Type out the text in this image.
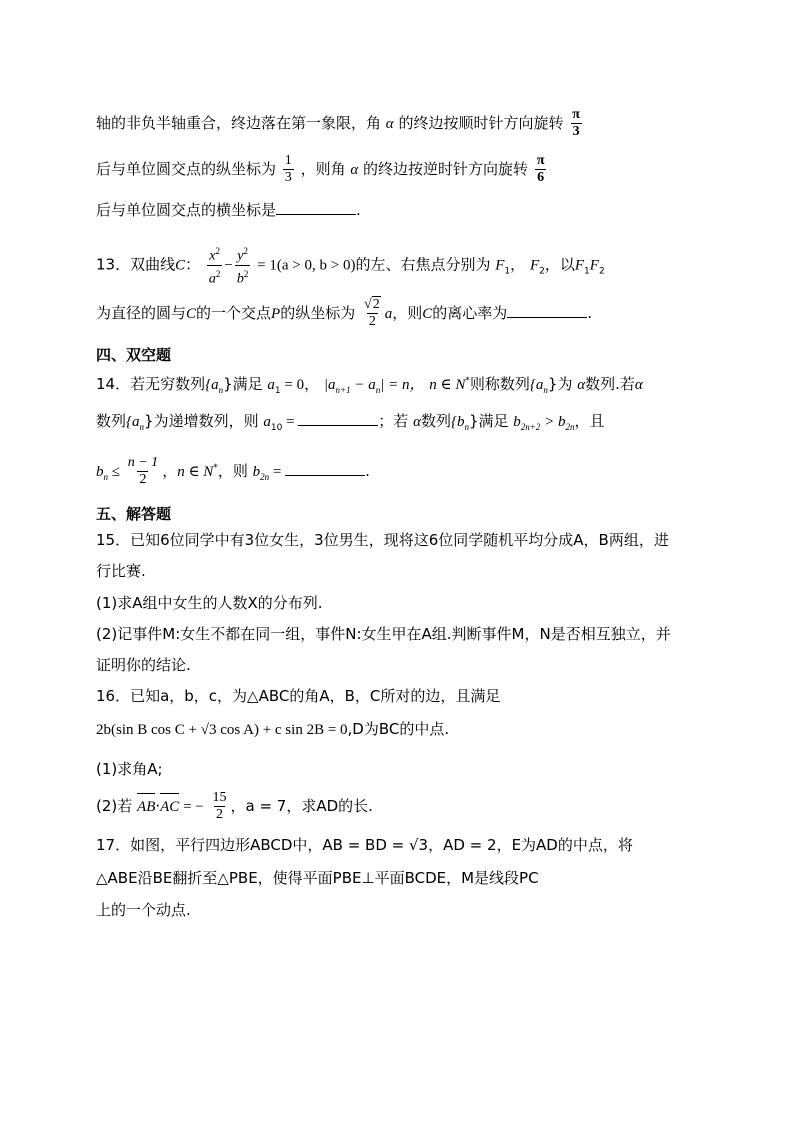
轴的非负半轴重合，终边落在第一象限，角 α 的终边按顺时针方向旋转 $\frac{\pi}{3}$
后与单位圆交点的纵坐标为 $\frac{1}{3}$ ，则角 α 的终边按逆时针方向旋转 $\frac{\pi}{6}$
后与单位圆交点的横坐标是	.
13．双曲线C： $\frac{x^2}{a^2} - \frac{y^2}{b^2} = 1(a > 0$, b > 0)的左、右焦点分别为 $F_1$， $F_2$，以$F_1F_2$
为直径的圆与C的一个交点P的纵坐标为 $\frac{√2}{2}$ a，则C的离心率为	.
四、双空题
14．若无穷数列$\{a_n\}$满足 $a_1 = 0$， $|a_{n+1} - a_n| = n$， n ∈ N*则称数列$\{a_n\}$为 α数列.若α
数列$\{a_n\}$为递增数列，则 $a_{10}$ =	；若 α数列$\{b_n\}$满足 $b_{2n+2} > b_{2n}$，且
$b_n \le \frac{n - 1}{2}$ ，n ∈ N*，则 $b_{2n}$ =	.
五、解答题
15．已知6位同学中有3位女生，3位男生，现将这6位同学随机平均分成A，B两组，进
行比赛.
(1)求A组中女生的人数X的分布列.
(2)记事件M:女生不都在同一组，事件N:女生甲在A组.判断事件M，N是否相互独立，并
证明你的结论.
16．已知a，b，c，为△ABC的角A，B，C所对的边，且满足
2b(sin B cos C + √3 cos A) + c sin 2B = 0,D为BC的中点.
(1)求角A;
(2)若 AB·AC = − $\frac{15}{2}$ ，a = 7，求AD的长.
17．如图，平行四边形ABCD中，AB = BD = √3，AD = 2，E为AD的中点，将
△ABE沿BE翻折至△PBE，使得平面PBE⊥平面BCDE，M是线段PC
上的一个动点.
